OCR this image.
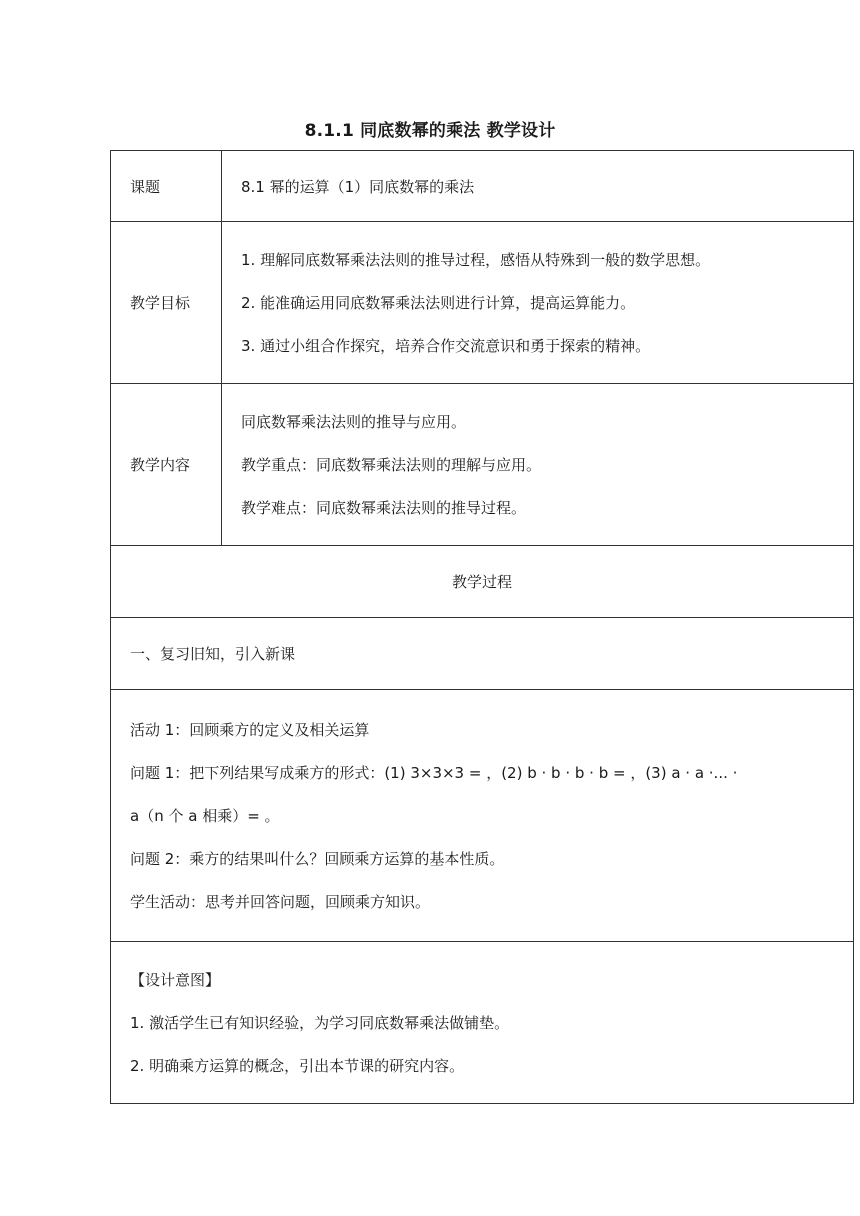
8.1.1 同底数幂的乘法 教学设计
课题	8.1 幂的运算（1）同底数幂的乘法
教学目标	1. 理解同底数幂乘法法则的推导过程，感悟从特殊到一般的数学思想。

2. 能准确运用同底数幂乘法法则进行计算，提高运算能力。

3. 通过小组合作探究，培养合作交流意识和勇于探索的精神。

教学内容	同底数幂乘法法则的推导与应用。

教学重点：同底数幂乘法法则的理解与应用。

教学难点：同底数幂乘法法则的推导过程。

教学过程	
一、复习旧知，引入新课	

活动 1：回顾乘方的定义及相关运算

问题 1：把下列结果写成乘方的形式：(1) 3×3×3 = ，(2) b · b · b · b = ，(3) a · a ·... ·

a（n 个 a 相乘）= 。

问题 2：乘方的结果叫什么？回顾乘方运算的基本性质。

学生活动：思考并回答问题，回顾乘方知识。	

【设计意图】

1. 激活学生已有知识经验，为学习同底数幂乘法做铺垫。

2. 明确乘方运算的概念，引出本节课的研究内容。	
